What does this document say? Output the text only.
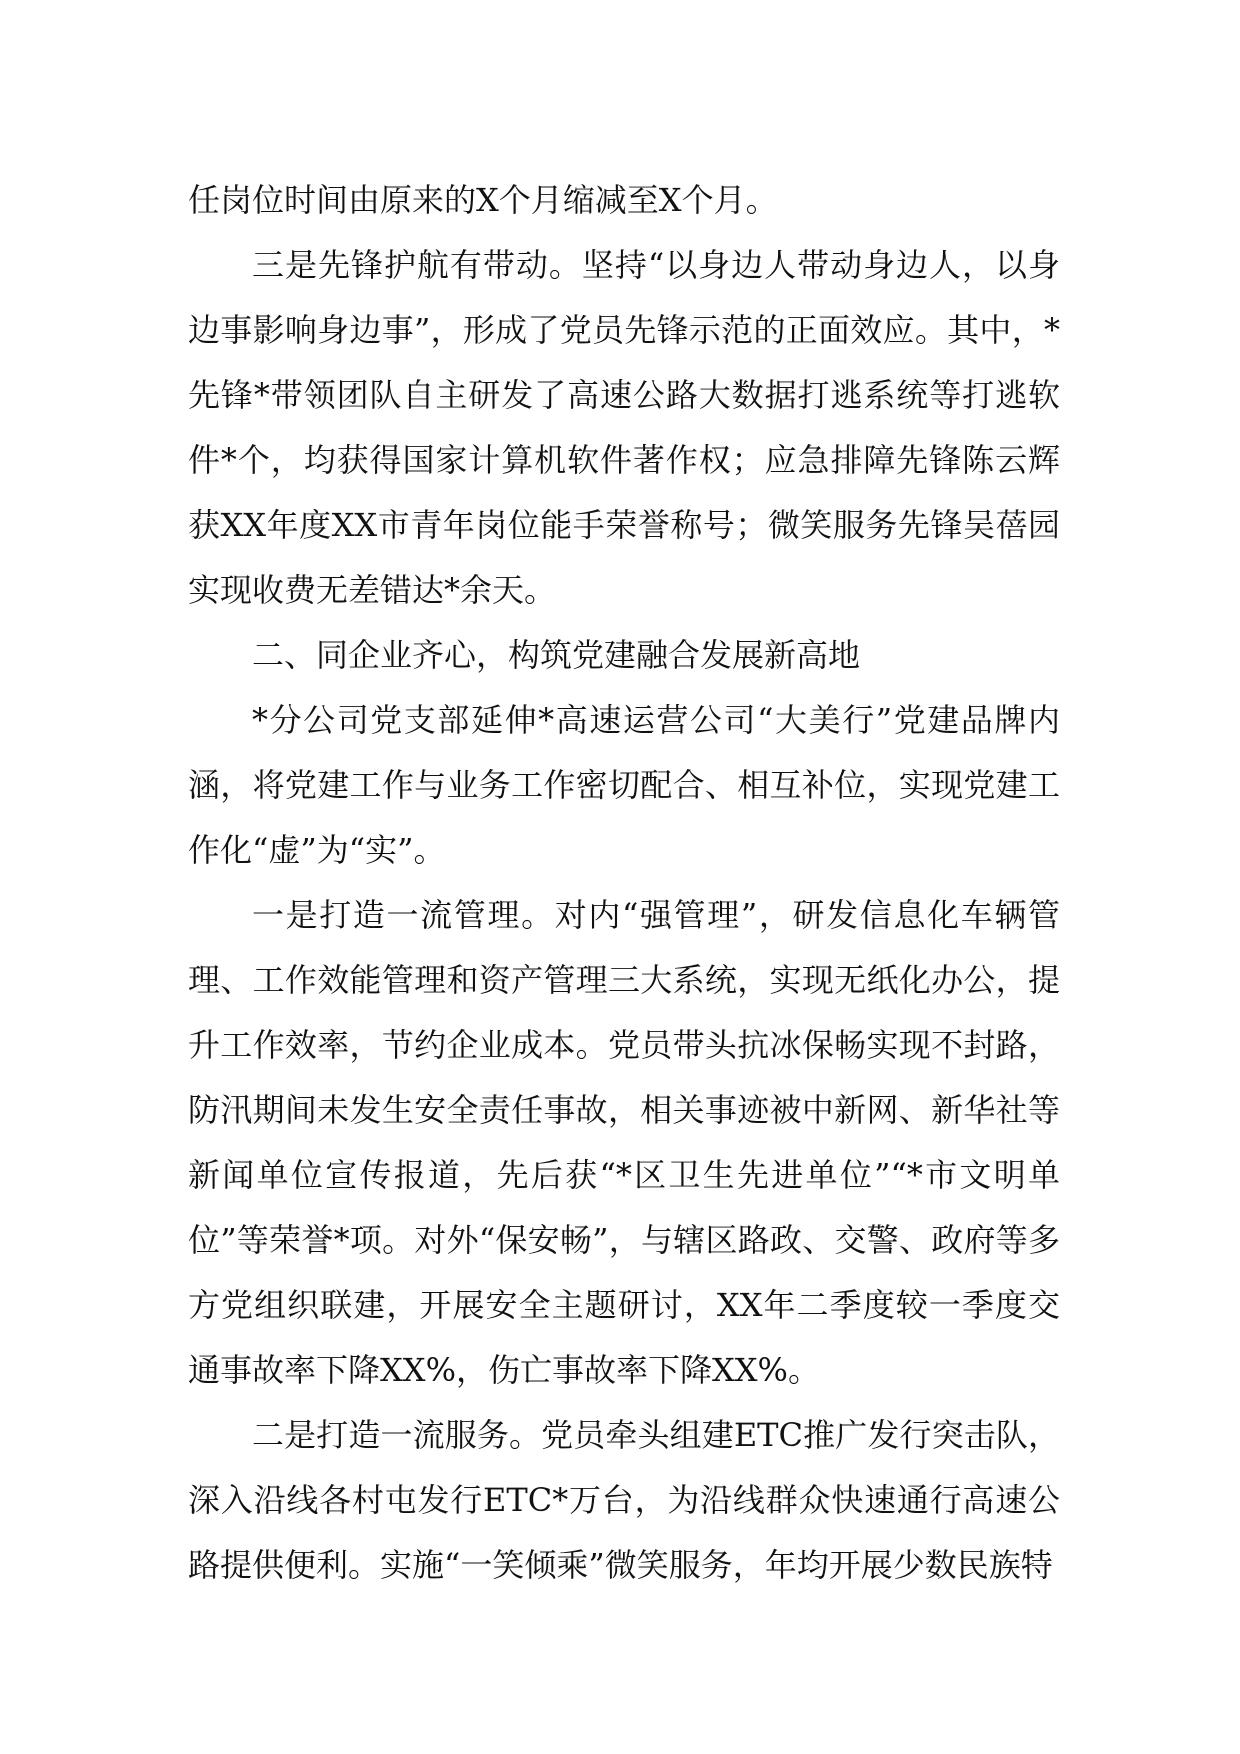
任岗位时间由原来的X个月缩减至X个月。

三是先锋护航有带动。坚持“以身边人带动身边人，以身边事影响身边事”，形成了党员先锋示范的正面效应。其中，*先锋*带领团队自主研发了高速公路大数据打逃系统等打逃软件*个，均获得国家计算机软件著作权；应急排障先锋陈云辉获XX年度XX市青年岗位能手荣誉称号；微笑服务先锋吴蓓园实现收费无差错达*余天。

二、同企业齐心，构筑党建融合发展新高地

*分公司党支部延伸*高速运营公司“大美行”党建品牌内涵，将党建工作与业务工作密切配合、相互补位，实现党建工作化“虚”为“实”。

一是打造一流管理。对内“强管理”，研发信息化车辆管理、工作效能管理和资产管理三大系统，实现无纸化办公，提升工作效率，节约企业成本。党员带头抗冰保畅实现不封路，防汛期间未发生安全责任事故，相关事迹被中新网、新华社等新闻单位宣传报道，先后获“*区卫生先进单位”“*市文明单位”等荣誉*项。对外“保安畅”，与辖区路政、交警、政府等多方党组织联建，开展安全主题研讨，XX年二季度较一季度交通事故率下降XX%，伤亡事故率下降XX%。

二是打造一流服务。党员牵头组建ETC推广发行突击队，深入沿线各村屯发行ETC*万台，为沿线群众快速通行高速公路提供便利。实施“一笑倾乘”微笑服务，年均开展少数民族特
